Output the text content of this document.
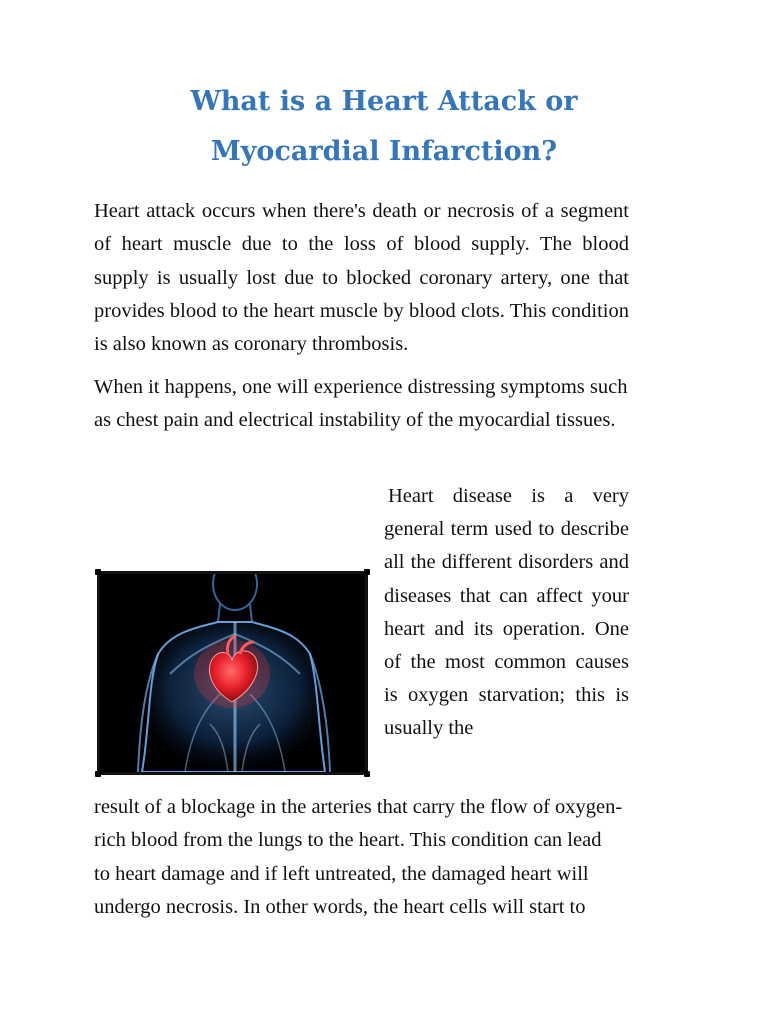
What is a Heart Attack or
Myocardial Infarction?

Heart attack occurs when there's death or necrosis of a segment of heart muscle due to the loss of blood supply. The blood supply is usually lost due to blocked coronary artery, one that provides blood to the heart muscle by blood clots. This condition is also known as coronary thrombosis.

When it happens, one will experience distressing symptoms such as chest pain and electrical instability of the myocardial tissues.

Heart disease is a very general term used to describe all the different disorders and diseases that can affect your heart and its operation. One of the most common causes is oxygen starvation; this is usually the

result of a blockage in the arteries that carry the flow of oxygen-
rich blood from the lungs to the heart. This condition can lead
to heart damage and if left untreated, the damaged heart will
undergo necrosis. In other words, the heart cells will start to
